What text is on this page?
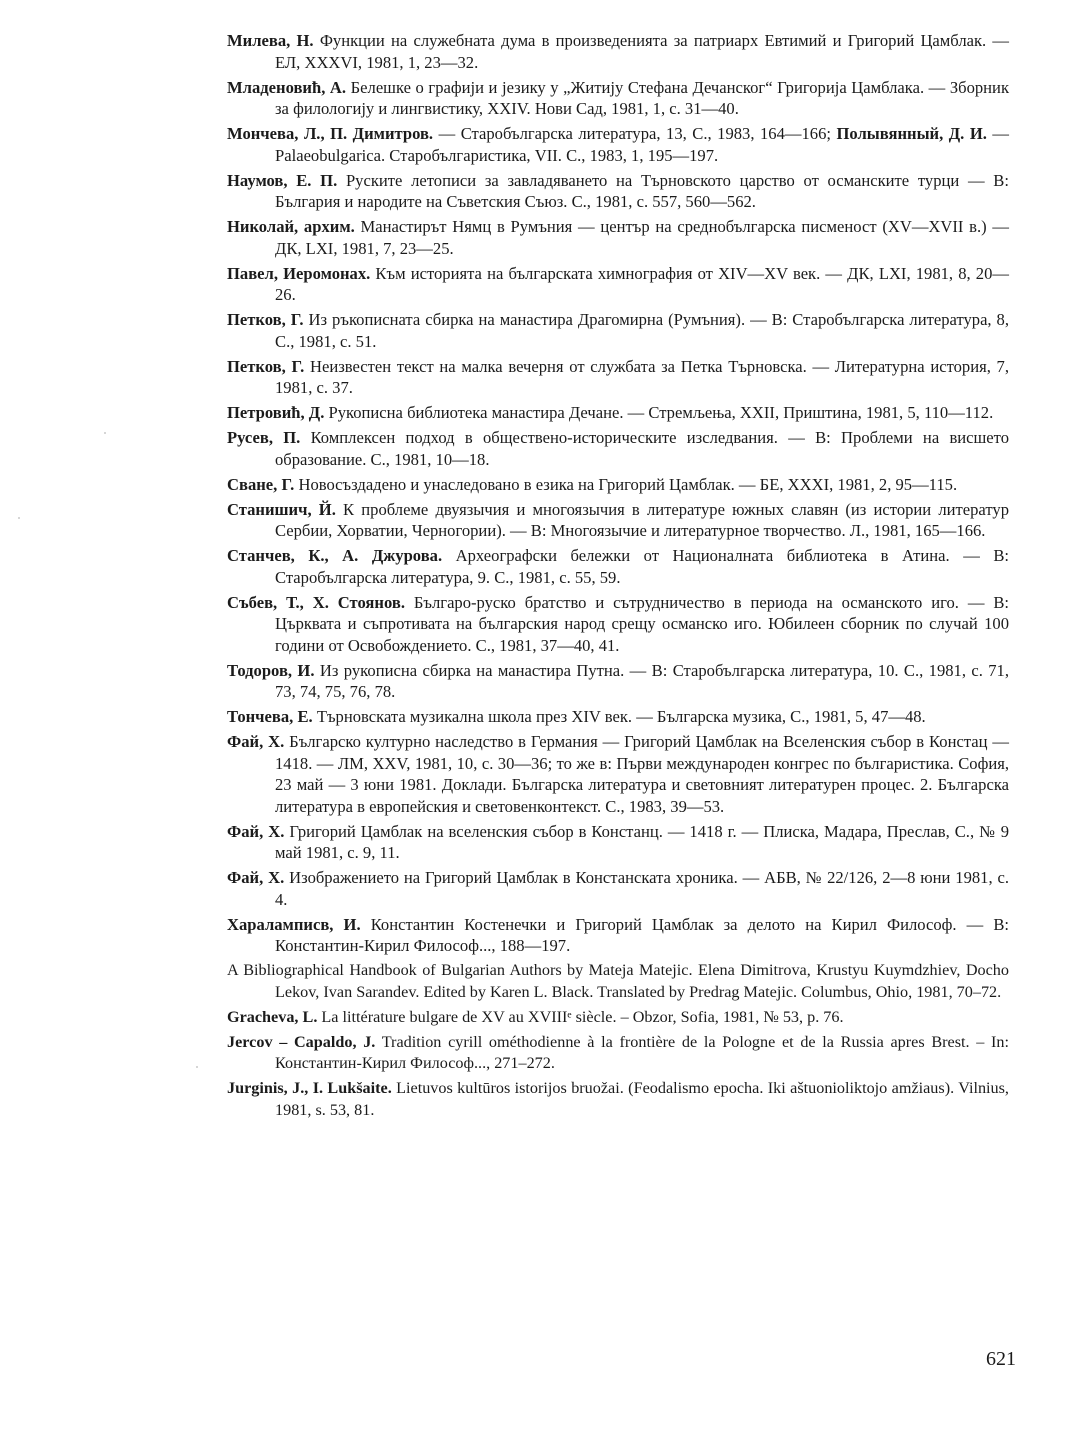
Милева, Н. Функции на служебната дума в произведенията за патриарх Евтимий и Григорий Цамблак. — ЕЛ, XXXVI, 1981, 1, 23—32.

Младеновић, А. Белешке о графији и језику у „Житију Стефана Дечанског“ Григорија Цамблака. — Зборник за филологију и лингвистику, XXIV. Нови Сад, 1981, 1, с. 31—40.

Мончева, Л., П. Димитров. — Старобългарска литература, 13, С., 1983, 164—166; Полывянный, Д. И. — Palaeobulgarica. Старобългаристика, VII. С., 1983, 1, 195—197.

Наумов, Е. П. Руските летописи за завладяването на Търновското царство от османските турци — В: България и народите на Съветския Съюз. С., 1981, с. 557, 560—562.

Николай, архим. Манастирът Нямц в Румъния — център на среднобългарска писменост (XV—XVII в.) — ДК, LXI, 1981, 7, 23—25.

Павел, Иеромонах. Към историята на българската химнография от XIV—XV век. — ДК, LXI, 1981, 8, 20—26.

Петков, Г. Из ръкописната сбирка на манастира Драгомирна (Румъния). — В: Старобългарска литература, 8, С., 1981, с. 51.

Петков, Г. Неизвестен текст на малка вечерня от службата за Петка Търновска. — Литературна история, 7, 1981, с. 37.

Петровић, Д. Рукописна библиотека манастира Дечане. — Стремљења, XXII, Приштина, 1981, 5, 110—112.

Русев, П. Комплексен подход в обществено-историческите изследвания. — В: Проблеми на висшето образование. С., 1981, 10—18.

Сване, Г. Новосъздадено и унаследовано в езика на Григорий Цамблак. — БЕ, XXXI, 1981, 2, 95—115.

Станишич, Й. К проблеме двуязычия и многоязычия в литературе южных славян (из истории литератур Сербии, Хорватии, Черногории). — В: Многоязычие и литературное творчество. Л., 1981, 165—166.

Станчев, К., А. Джурова. Археографски бележки от Националната библиотека в Атина. — В: Старобългарска литература, 9. С., 1981, с. 55, 59.

Събев, Т., Х. Стоянов. Българо-руско братство и сътрудничество в периода на османското иго. — В: Църквата и съпротивата на българския народ срещу османско иго. Юбилеен сборник по случай 100 години от Освобождението. С., 1981, 37—40, 41.

Тодоров, И. Из рукописна сбирка на манастира Путна. — В: Старобългарска литература, 10. С., 1981, с. 71, 73, 74, 75, 76, 78.

Тончева, Е. Търновската музикална школа през XIV век. — Българска музика, С., 1981, 5, 47—48.

Фай, Х. Българско културно наследство в Германия — Григорий Цамблак на Вселенския събор в Констац — 1418. — ЛМ, XXV, 1981, 10, с. 30—36; то же в: Първи международен конгрес по българистика. София, 23 май — 3 юни 1981. Доклади. Българска литература и световният литературен процес. 2. Българска литература в европейския и световенконтекст. С., 1983, 39—53.

Фай, Х. Григорий Цамблак на вселенския събор в Констанц. — 1418 г. — Плиска, Мадара, Преслав, С., № 9 май 1981, с. 9, 11.

Фай, Х. Изображението на Григорий Цамблак в Констанската хроника. — АБВ, № 22/126, 2—8 юни 1981, с. 4.

Хараламписв, И. Константин Костенечки и Григорий Цамблак за делото на Кирил Философ. — В: Константин-Кирил Философ..., 188—197.

A Bibliographical Handbook of Bulgarian Authors by Mateja Matejic. Elena Dimitrova, Krustyu Kuymdzhiev, Docho Lekov, Ivan Sarandev. Edited by Karen L. Black. Translated by Predrag Matejic. Columbus, Ohio, 1981, 70–72.

Gracheva, L. La littérature bulgare de XV au XVIIIᵉ siècle. – Obzor, Sofia, 1981, № 53, p. 76.

Jercov – Capaldo, J. Tradition cyrill ométhodienne à la frontière de la Pologne et de la Russia apres Brest. – In: Константин-Кирил Философ..., 271–272.

Jurginis, J., I. Lukšaite. Lietuvos kultūros istorijos bruožai. (Feodalismo epocha. Iki aštuonioliktojo amžiaus). Vilnius, 1981, s. 53, 81.

621
